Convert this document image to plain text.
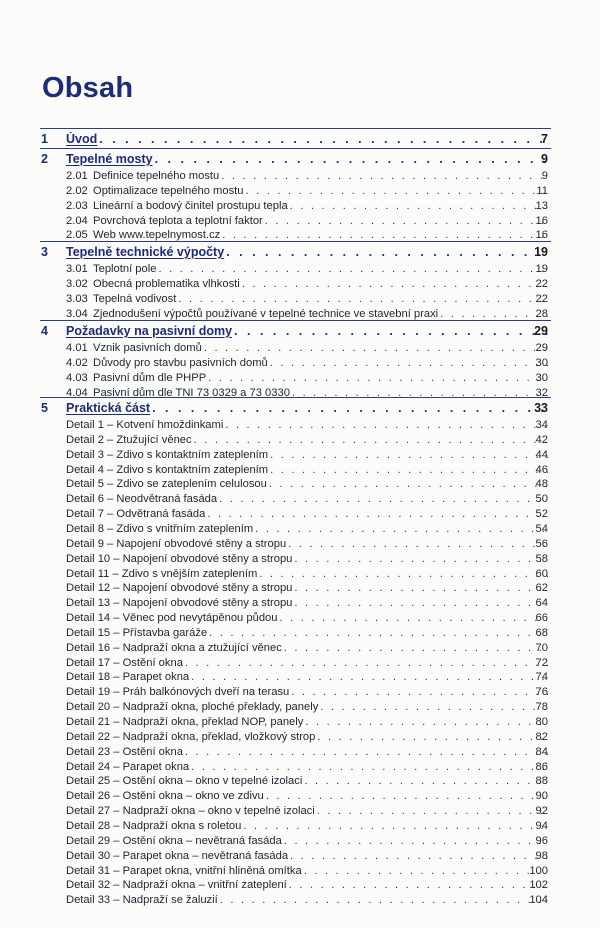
Obsah
1 Úvod . . .	7
2 Tepelné mosty . . .	9
2.01 Definice tepelného mostu . . .	9
2.02 Optimalizace tepelného mostu . . .	11
2.03 Lineární a bodový činitel prostupu tepla . . .	13
2.04 Povrchová teplota a teplotní faktor . . .	16
2.05 Web www.tepelnymost.cz . . .	16
3 Tepelně technické výpočty . . .	19
3.01 Teplotní pole . . .	19
3.02 Obecná problematika vlhkosti . . .	22
3.03 Tepelná vodivost . . .	22
3.04 Zjednodušení výpočtů používané v tepelné technice ve stavební praxi . . .	28
4 Požadavky na pasivní domy . . .	29
4.01 Vznik pasivních domů . . .	29
4.02 Důvody pro stavbu pasivních domů . . .	30
4.03 Pasivní dům dle PHPP . . .	30
4.04 Pasivní dům dle TNI 73 0329 a 73 0330 . . .	32
5 Praktická část . . .	33
Detail 1 – Kotvení hmoždinkami . . .	34
Detail 2 – Ztužující věnec . . .	42
Detail 3 – Zdivo s kontaktním zateplením . . .	44
Detail 4 – Zdivo s kontaktním zateplením . . .	46
Detail 5 – Zdivo se zateplením celulosou . . .	48
Detail 6 – Neodvětraná fasáda . . .	50
Detail 7 – Odvětraná fasáda . . .	52
Detail 8 – Zdivo s vnitřním zateplením . . .	54
Detail 9 – Napojení obvodové stěny a stropu . . .	56
Detail 10 – Napojení obvodové stěny a stropu . . .	58
Detail 11 – Zdivo s vnějším zateplením . . .	60
Detail 12 – Napojení obvodové stěny a stropu . . .	62
Detail 13 – Napojení obvodové stěny a stropu . . .	64
Detail 14 – Věnec pod nevytápěnou půdou . . .	66
Detail 15 – Přístavba garáže . . .	68
Detail 16 – Nadpraží okna a ztužující věnec . . .	70
Detail 17 – Ostění okna . . .	72
Detail 18 – Parapet okna . . .	74
Detail 19 – Práh balkónových dveří na terasu . . .	76
Detail 20 – Nadpraží okna, ploché překlady, panely . . .	78
Detail 21 – Nadpraží okna, překlad NOP, panely . . .	80
Detail 22 – Nadpraží okna, překlad, vložkový strop . . .	82
Detail 23 – Ostění okna . . .	84
Detail 24 – Parapet okna . . .	86
Detail 25 – Ostění okna – okno v tepelné izolaci . . .	88
Detail 26 – Ostění okna – okno ve zdivu . . .	90
Detail 27 – Nadpraží okna – okno v tepelné izolaci . . .	92
Detail 28 – Nadpraží okna s roletou . . .	94
Detail 29 – Ostění okna – nevětraná fasáda . . .	96
Detail 30 – Parapet okna – nevětraná fasáda . . .	98
Detail 31 – Parapet okna, vnitřní hliněná omítka . . .	100
Detail 32 – Nadpraží okna – vnitřní zateplení . . .	102
Detail 33 – Nadpraží se žaluzií . . .	104
